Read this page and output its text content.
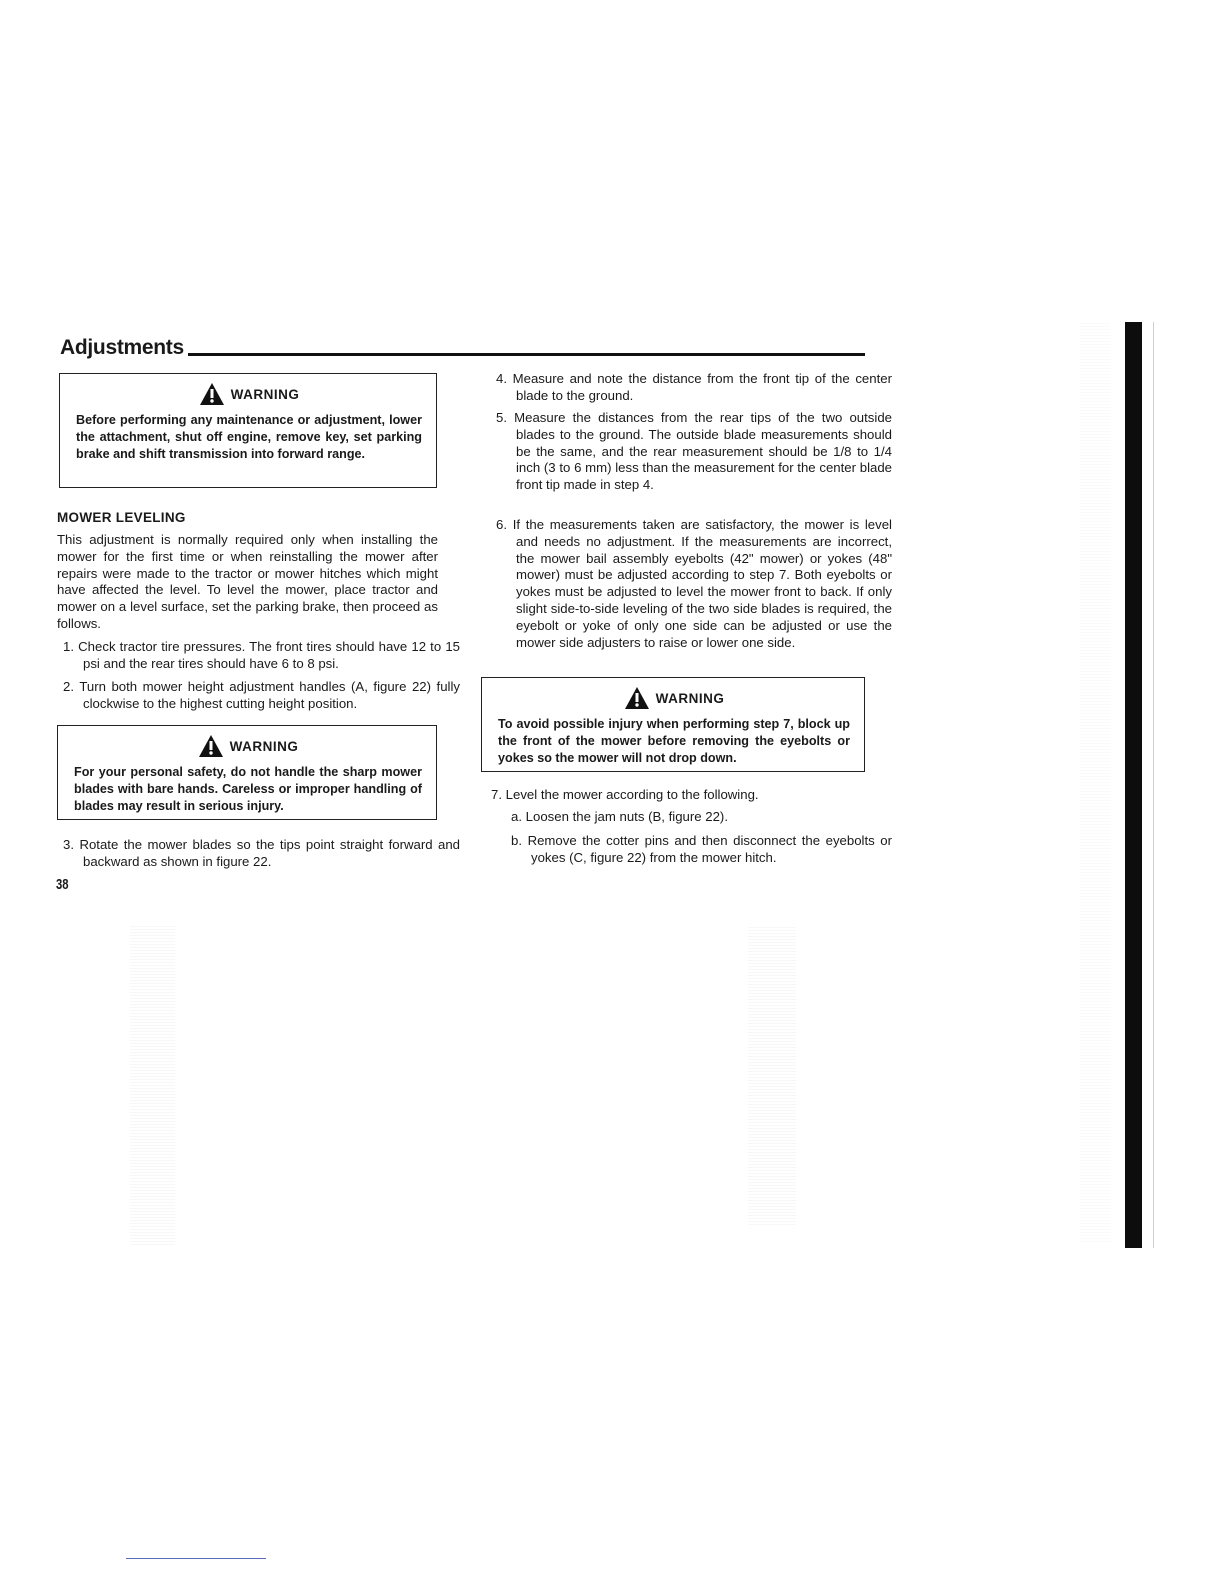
Adjustments
WARNING
Before performing any maintenance or adjustment, lower the attachment, shut off engine, remove key, set parking brake and shift transmission into forward range.
MOWER LEVELING
This adjustment is normally required only when installing the mower for the first time or when reinstalling the mower after repairs were made to the tractor or mower hitches which might have affected the level. To level the mower, place tractor and mower on a level surface, set the parking brake, then proceed as follows.
1. Check tractor tire pressures. The front tires should have 12 to 15 psi and the rear tires should have 6 to 8 psi.
2. Turn both mower height adjustment handles (A, figure 22) fully clockwise to the highest cutting height position.
WARNING
For your personal safety, do not handle the sharp mower blades with bare hands. Careless or improper handling of blades may result in serious injury.
3. Rotate the mower blades so the tips point straight forward and backward as shown in figure 22.
38
4. Measure and note the distance from the front tip of the center blade to the ground.
5. Measure the distances from the rear tips of the two outside blades to the ground. The outside blade measurements should be the same, and the rear measurement should be 1/8 to 1/4 inch (3 to 6 mm) less than the measurement for the center blade front tip made in step 4.
6. If the measurements taken are satisfactory, the mower is level and needs no adjustment. If the measurements are incorrect, the mower bail assembly eyebolts (42" mower) or yokes (48" mower) must be adjusted according to step 7. Both eyebolts or yokes must be adjusted to level the mower front to back. If only slight side-to-side leveling of the two side blades is required, the eyebolt or yoke of only one side can be adjusted or use the mower side adjusters to raise or lower one side.
WARNING
To avoid possible injury when performing step 7, block up the front of the mower before removing the eyebolts or yokes so the mower will not drop down.
7. Level the mower according to the following.
a. Loosen the jam nuts (B, figure 22).
b. Remove the cotter pins and then disconnect the eyebolts or yokes (C, figure 22) from the mower hitch.
